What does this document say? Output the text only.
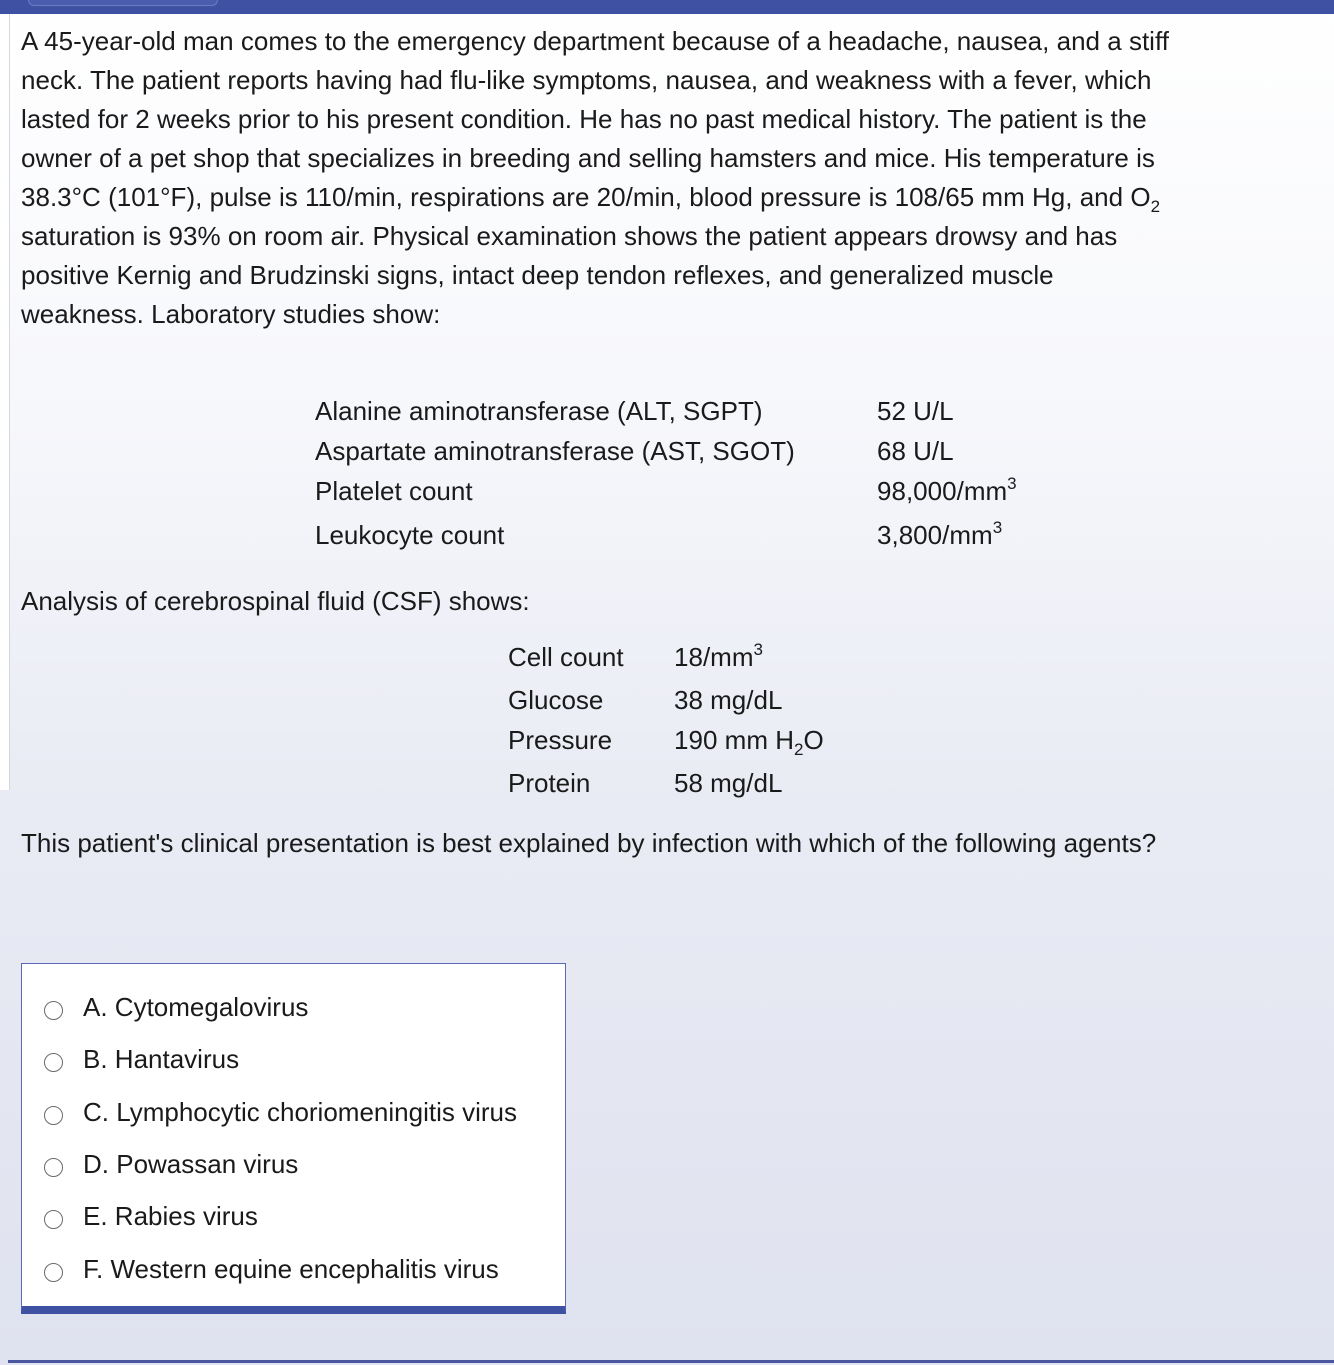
A 45-year-old man comes to the emergency department because of a headache, nausea, and a stiff neck. The patient reports having had flu-like symptoms, nausea, and weakness with a fever, which lasted for 2 weeks prior to his present condition. He has no past medical history. The patient is the owner of a pet shop that specializes in breeding and selling hamsters and mice. His temperature is 38.3°C (101°F), pulse is 110/min, respirations are 20/min, blood pressure is 108/65 mm Hg, and $O_2$ saturation is 93% on room air. Physical examination shows the patient appears drowsy and has positive Kernig and Brudzinski signs, intact deep tendon reflexes, and generalized muscle weakness. Laboratory studies show:

Alanine aminotransferase (ALT, SGPT)	52 U/L
Aspartate aminotransferase (AST, SGOT)	68 U/L
Platelet count	$98,000/mm^3$
Leukocyte count	$3,800/mm^3$

Analysis of cerebrospinal fluid (CSF) shows:

Cell count	$18/mm^3$
Glucose	38 mg/dL
Pressure	190 mm $H_2O$
Protein	58 mg/dL

This patient's clinical presentation is best explained by infection with which of the following agents?

A. Cytomegalovirus
B. Hantavirus
C. Lymphocytic choriomeningitis virus
D. Powassan virus
E. Rabies virus
F. Western equine encephalitis virus
